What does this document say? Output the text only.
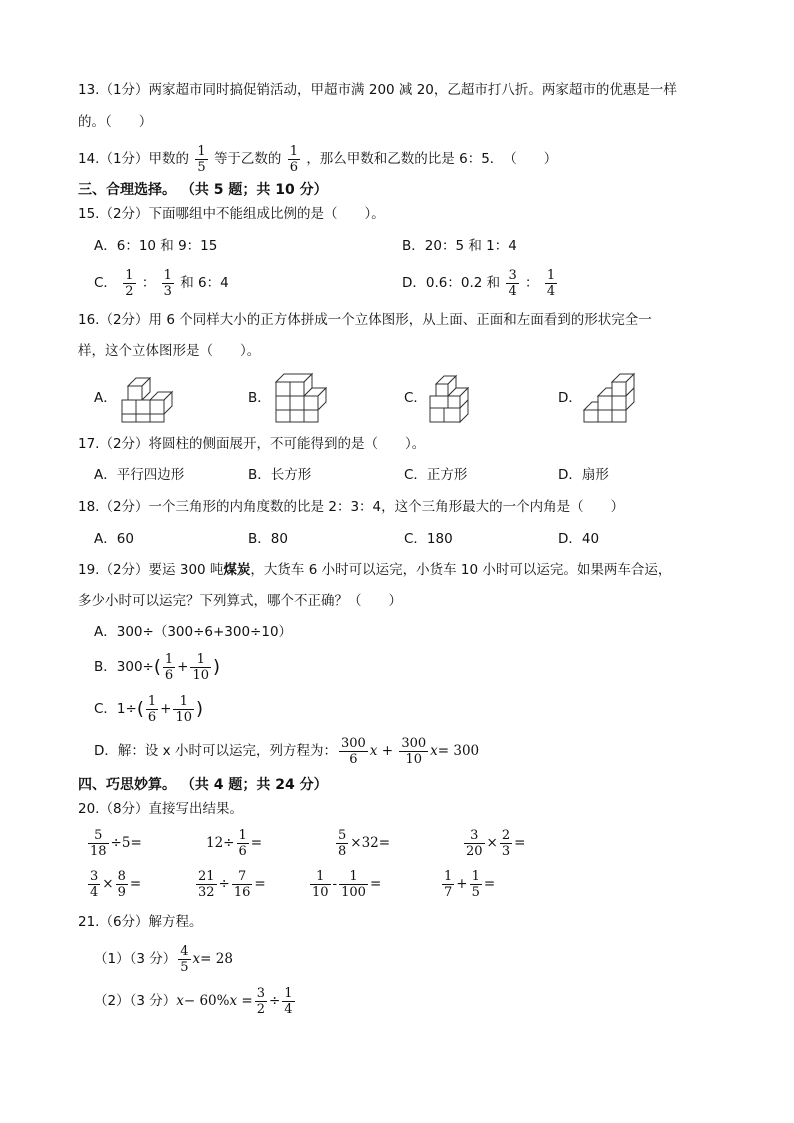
13.（1分）两家超市同时搞促销活动，甲超市满 200 减 20，乙超市打八折。两家超市的优惠是一样
的。（　　）
14.（1分）甲数的 $\frac{1}{5}$ 等于乙数的 $\frac{1}{6}$ ，那么甲数和乙数的比是 6：5．　（　　）
三、合理选择。 （共 5 题；共 10 分）
15.（2分）下面哪组中不能组成比例的是（　　）。
A．6：10 和 9：15	B．20：5 和 1：4
C． $\frac{1}{2}$ ： $\frac{1}{3}$ 和 6：4	D．0.6：0.2 和 $\frac{3}{4}$ ： $\frac{1}{4}$
16.（2分）用 6 个同样大小的正方体拼成一个立体图形，从上面、正面和左面看到的形状完全一
样，这个立体图形是（　　）。
A．	B．	C．	D．
17.（2分）将圆柱的侧面展开，不可能得到的是（　　）。
A．平行四边形	B．长方形	C．正方形	D．扇形
18.（2分）一个三角形的内角度数的比是 2：3：4，这个三角形最大的一个内角是（　　）
A．60	B．80	C．180	D．40
19.（2分）要运 300 吨煤炭，大货车 6 小时可以运完，小货车 10 小时可以运完。如果两车合运，
多少小时可以运完？下列算式，哪个不正确？（　　）
A．300÷（300÷6+300÷10）
B．$300\div( \frac{1}{6} + \frac{1}{10}$ )
C．$1\div( \frac{1}{6} + \frac{1}{10}$ )
D．解：设 x 小时可以运完，列方程为： $\frac{300}{6}$ $x + \frac{300}{10} x= 300$
四、巧思妙算。 （共 4 题；共 24 分）
20.（8分）直接写出结果。
$\frac{5}{18} \div 5=$	$12\div \frac{1}{6}$ =	$\frac{5}{8} \times 32=$	$\frac{3}{20} \times \frac{2}{3}$ =
$\frac{3}{4} \times \frac{8}{9}$ =	$\frac{21}{32} \div \frac{7}{16}$ =	$\frac{1}{10} - \frac{1}{100}$ =	$\frac{1}{7} + \frac{1}{5}$ =
21.（6分）解方程。
（1）（3 分） $\frac{4}{5} x= 28$
（2）（3 分）$x- 60\%x = \frac{3}{2} \div \frac{1}{4}$
